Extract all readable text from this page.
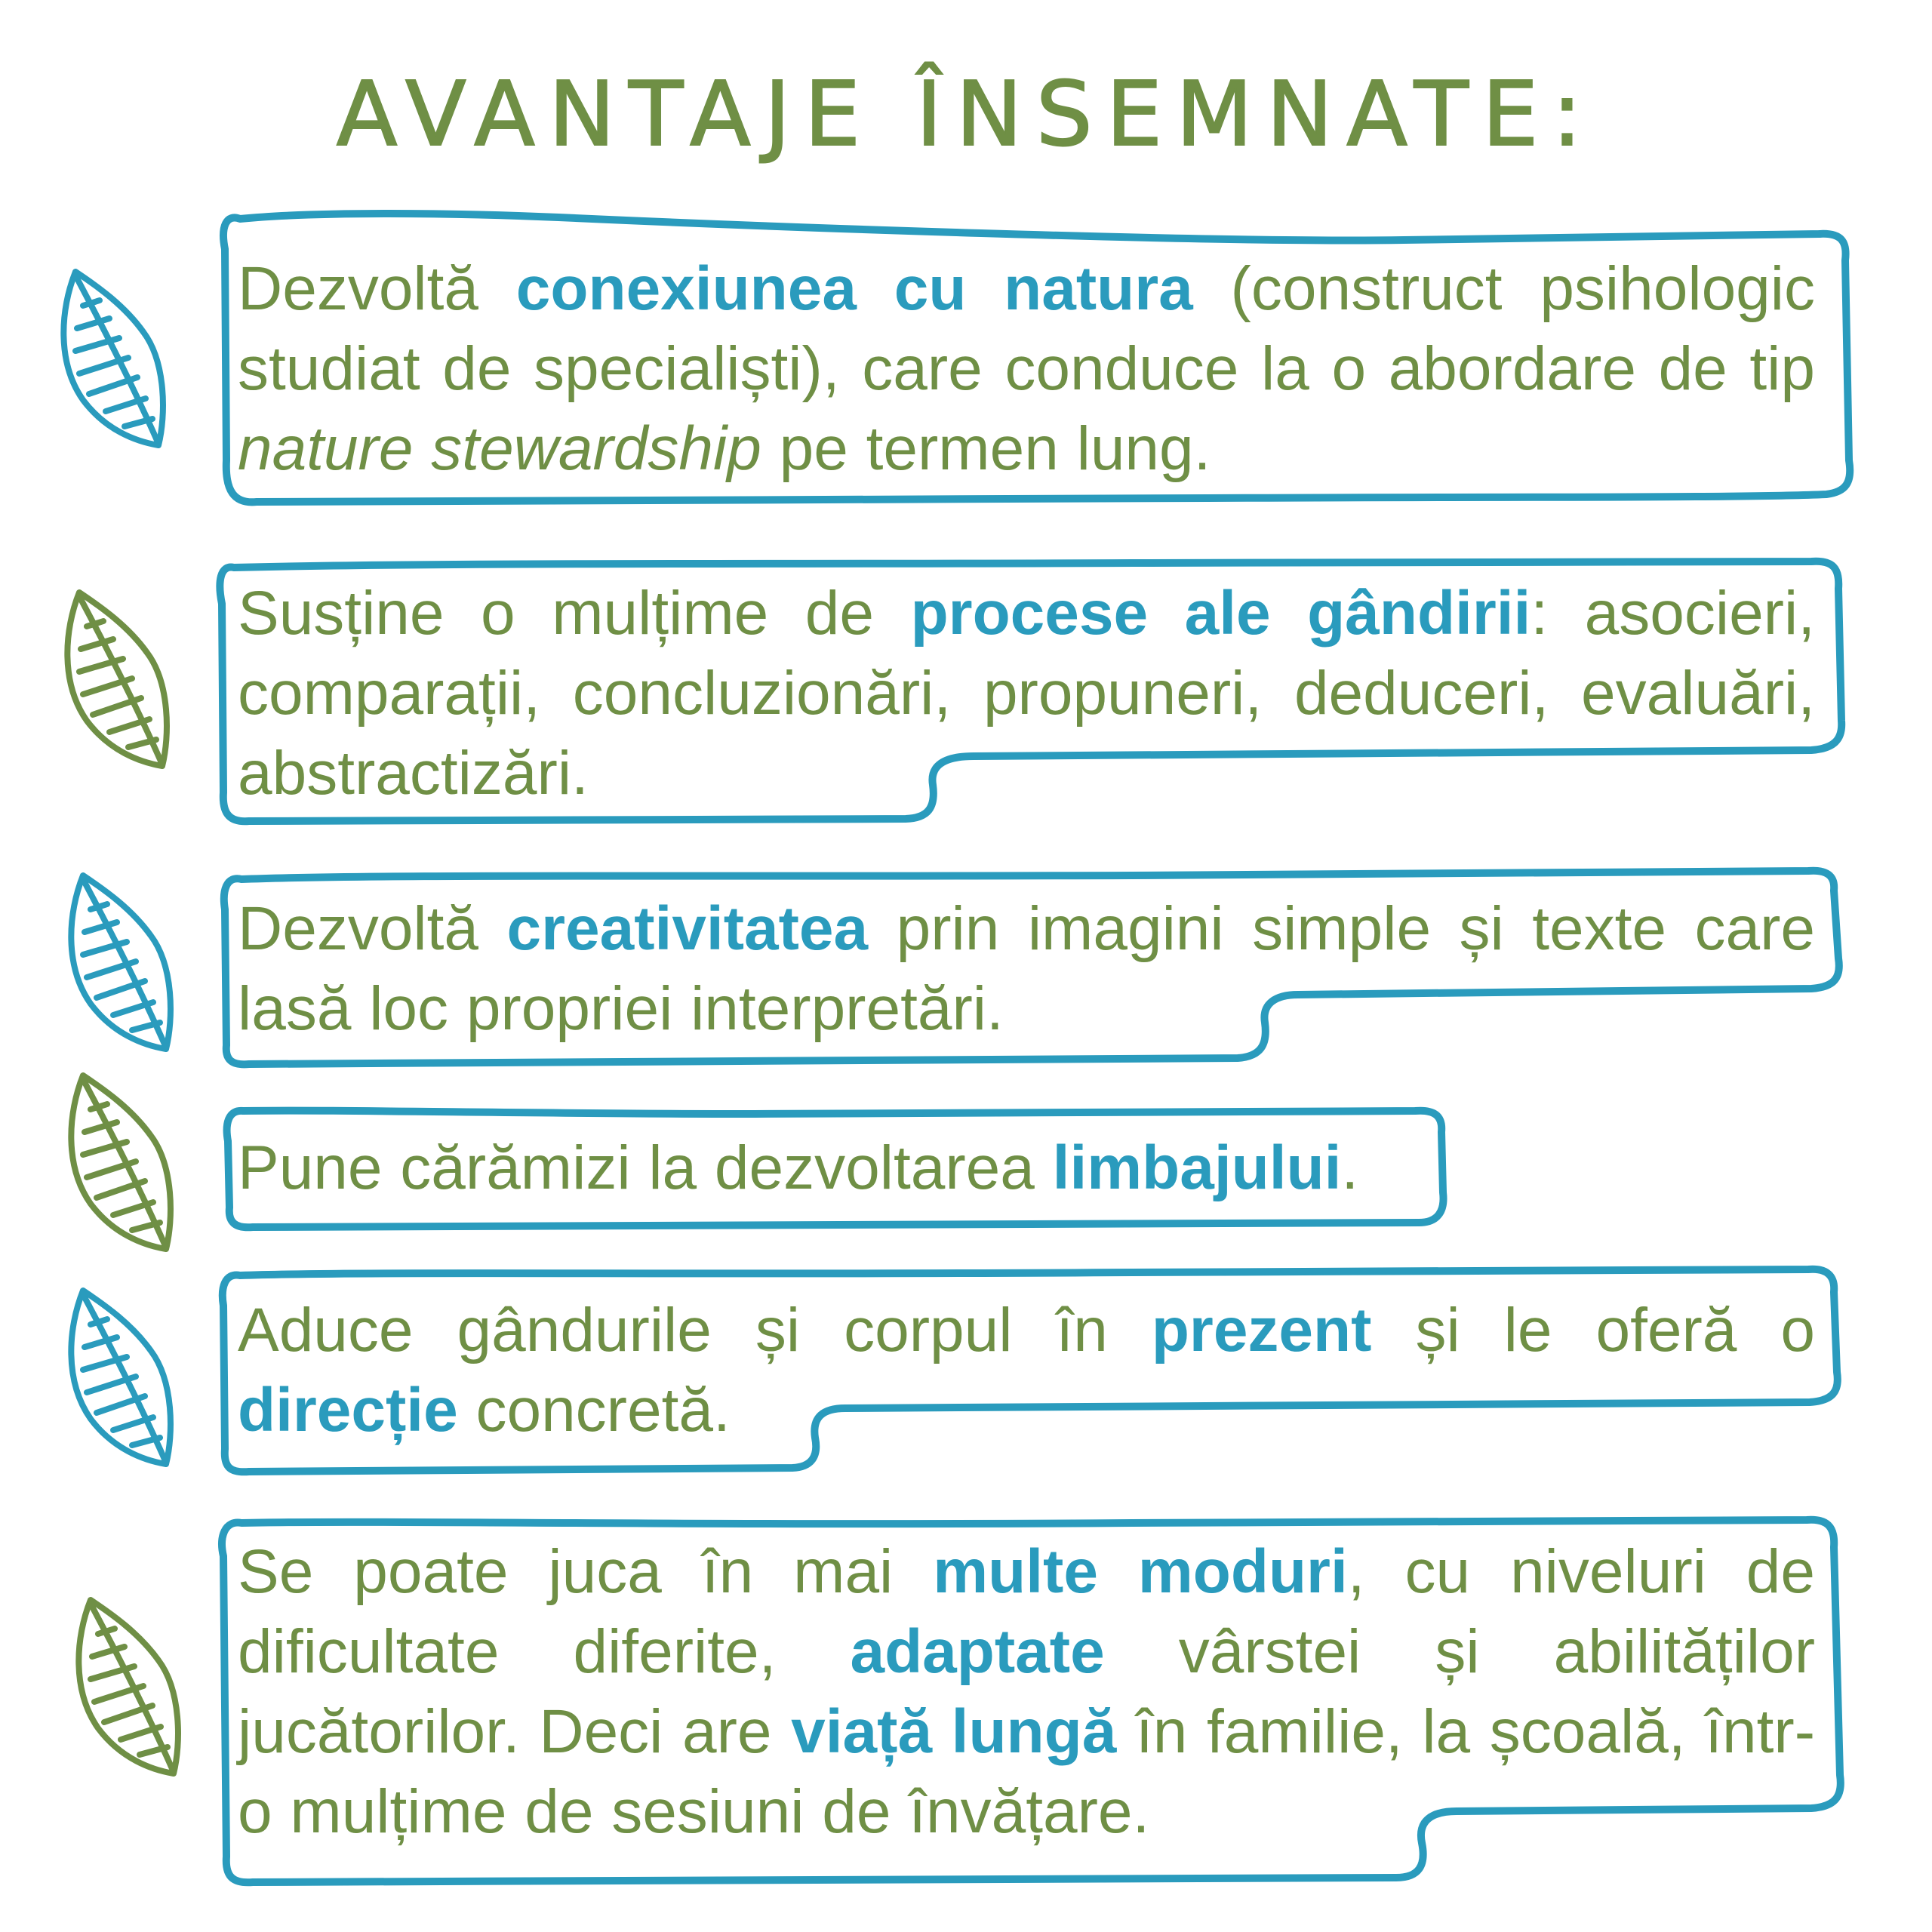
AVANTAJE ÎNSEMNATE:
Dezvoltă conexiunea cu natura (construct psihologic studiat de specialiști), care conduce la o abordare de tip nature stewardship pe termen lung.
Susține o mulțime de procese ale gândirii: asocieri, comparații, concluzionări, propuneri, deduceri, evaluări, abstractizări.
Dezvoltă creativitatea prin imagini simple și texte care lasă loc propriei interpretări.
Pune cărămizi la dezvoltarea limbajului.
Aduce gândurile și corpul în prezent și le oferă o direcție concretă.
Se poate juca în mai multe moduri, cu niveluri de dificultate diferite, adaptate vârstei și abilităților jucătorilor. Deci are viață lungă în familie, la școală, într-o mulțime de sesiuni de învățare.
